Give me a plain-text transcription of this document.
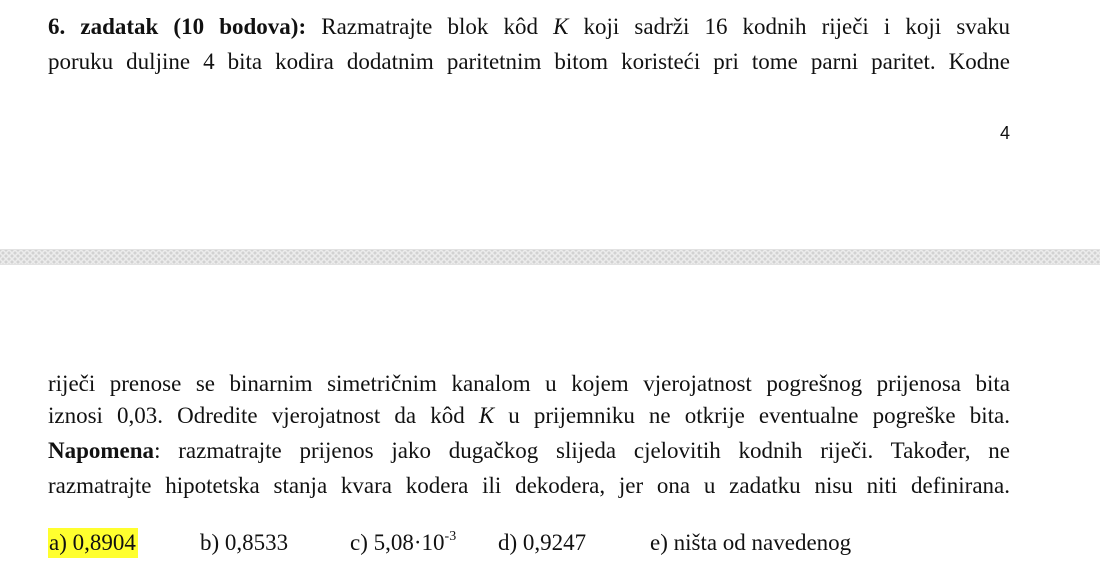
6. zadatak (10 bodova): Razmatrajte blok kôd K koji sadrži 16 kodnih riječi i koji svaku
poruku duljine 4 bita kodira dodatnim paritetnim bitom koristeći pri tome parni paritet. Kodne
4
riječi prenose se binarnim simetričnim kanalom u kojem vjerojatnost pogrešnog prijenosa bita
iznosi 0,03. Odredite vjerojatnost da kôd K u prijemniku ne otkrije eventualne pogreške bita.
Napomena: razmatrajte prijenos jako dugačkog slijeda cjelovitih kodnih riječi. Također, ne
razmatrajte hipotetska stanja kvara kodera ili dekodera, jer ona u zadatku nisu niti definirana.
a) 0,8904	b) 0,8533	c) $5,08\cdot 10^{-3}$ d) 0,9247	e) ništa od navedenog
